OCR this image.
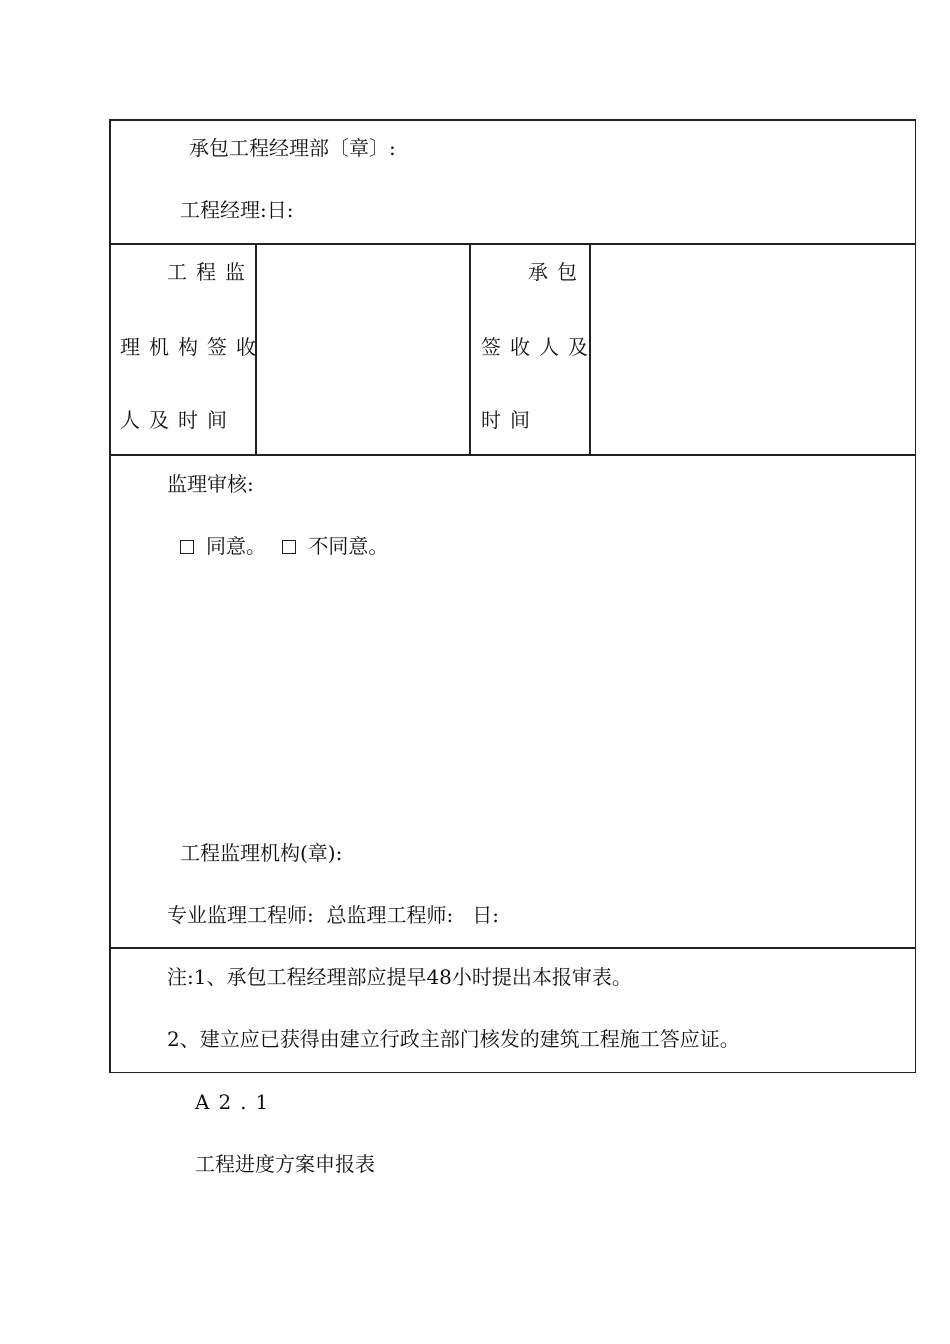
承包工程经理部〔章〕:
工程经理:日:
工程监
理机构签收
人及时间
承包
签收人及
时间
监理审核:
同意。 不同意。
工程监理机构(章):
专业监理工程师:  总监理工程师:   日:
注:1、承包工程经理部应提早48小时提出本报审表。
2、建立应已获得由建立行政主部门核发的建筑工程施工答应证。
A2.1
工程进度方案申报表
